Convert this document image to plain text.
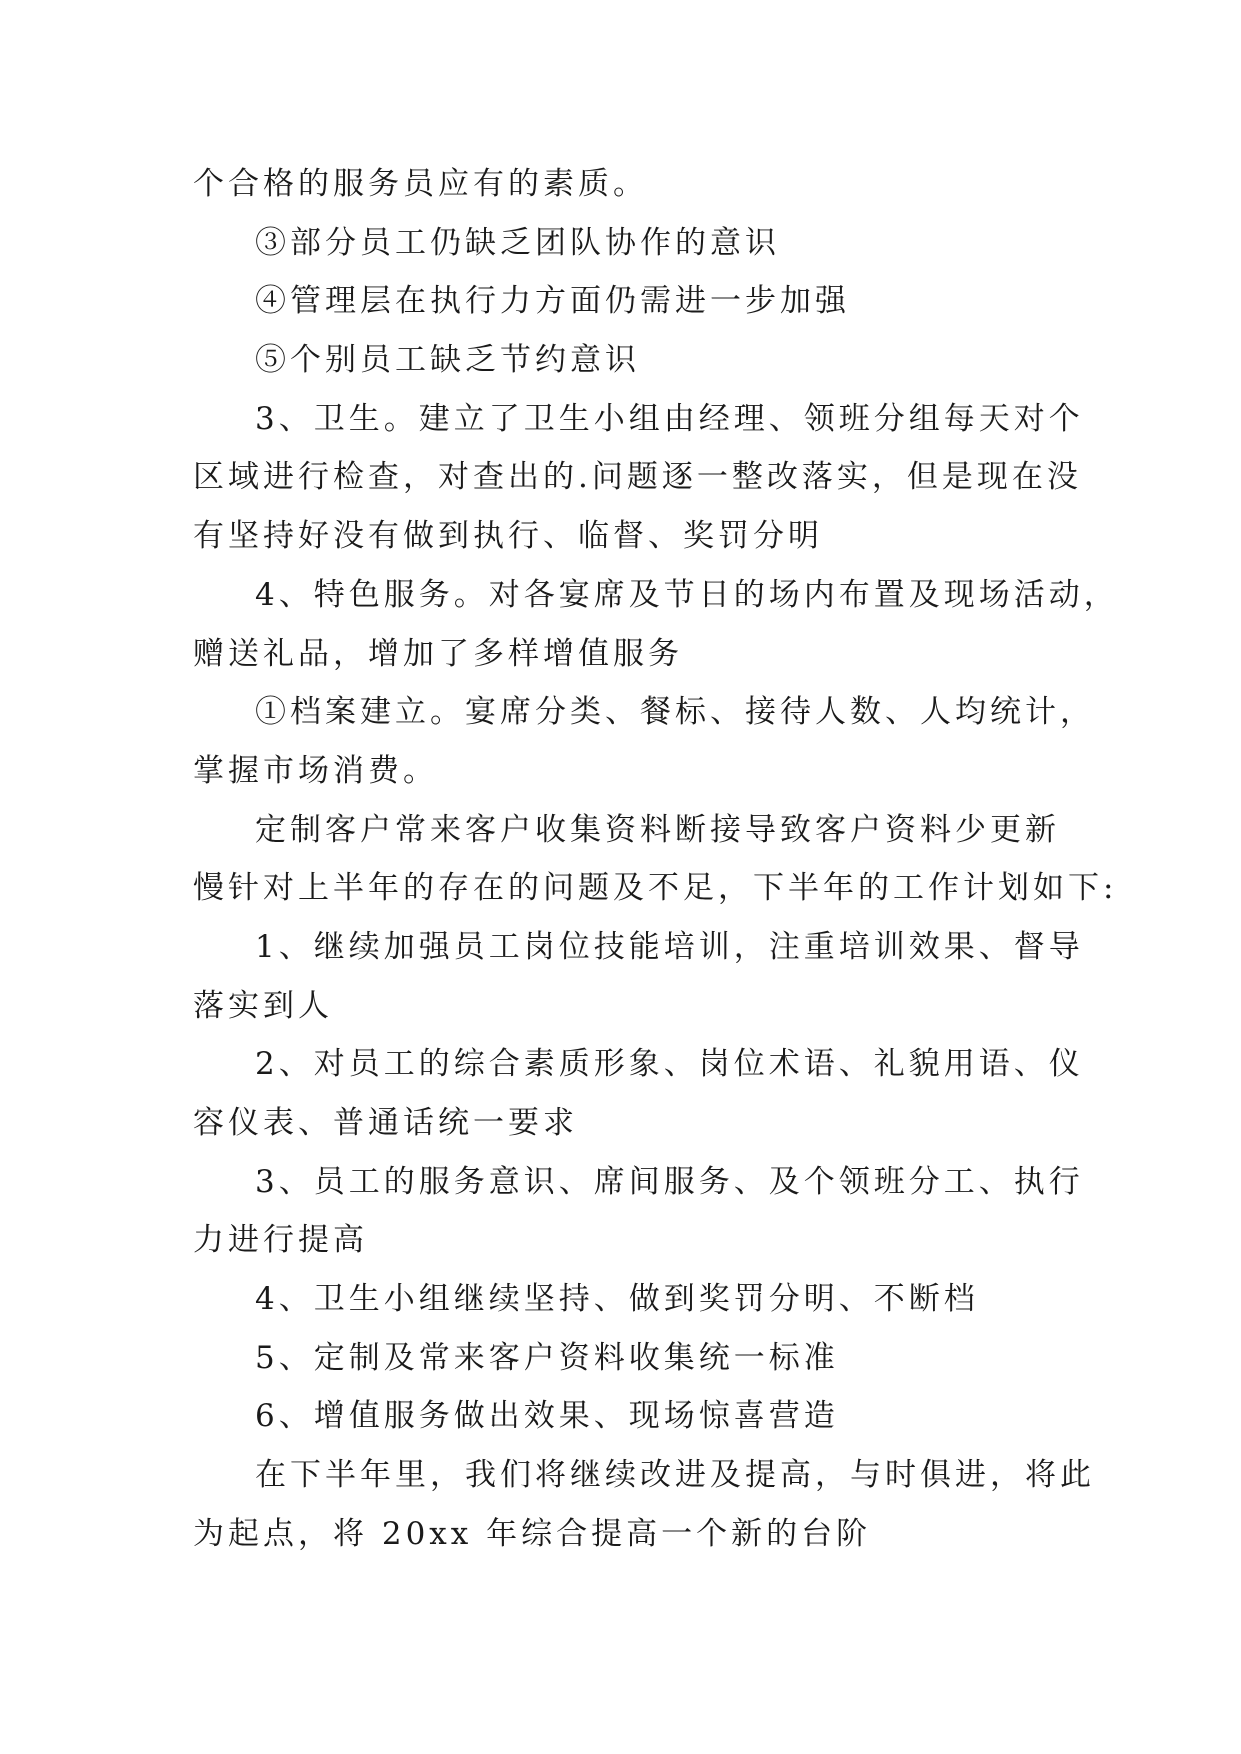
个合格的服务员应有的素质。
③部分员工仍缺乏团队协作的意识
④管理层在执行力方面仍需进一步加强
⑤个别员工缺乏节约意识
3、卫生。建立了卫生小组由经理、领班分组每天对个
区域进行检查，对查出的.问题逐一整改落实，但是现在没
有坚持好没有做到执行、临督、奖罚分明
4、特色服务。对各宴席及节日的场内布置及现场活动，
赠送礼品，增加了多样增值服务
①档案建立。宴席分类、餐标、接待人数、人均统计，
掌握市场消费。
定制客户常来客户收集资料断接导致客户资料少更新
慢针对上半年的存在的问题及不足，下半年的工作计划如下:
1、继续加强员工岗位技能培训，注重培训效果、督导
落实到人
2、对员工的综合素质形象、岗位术语、礼貌用语、仪
容仪表、普通话统一要求
3、员工的服务意识、席间服务、及个领班分工、执行
力进行提高
4、卫生小组继续坚持、做到奖罚分明、不断档
5、定制及常来客户资料收集统一标准
6、增值服务做出效果、现场惊喜营造
在下半年里，我们将继续改进及提高，与时俱进，将此
为起点，将 20xx 年综合提高一个新的台阶
